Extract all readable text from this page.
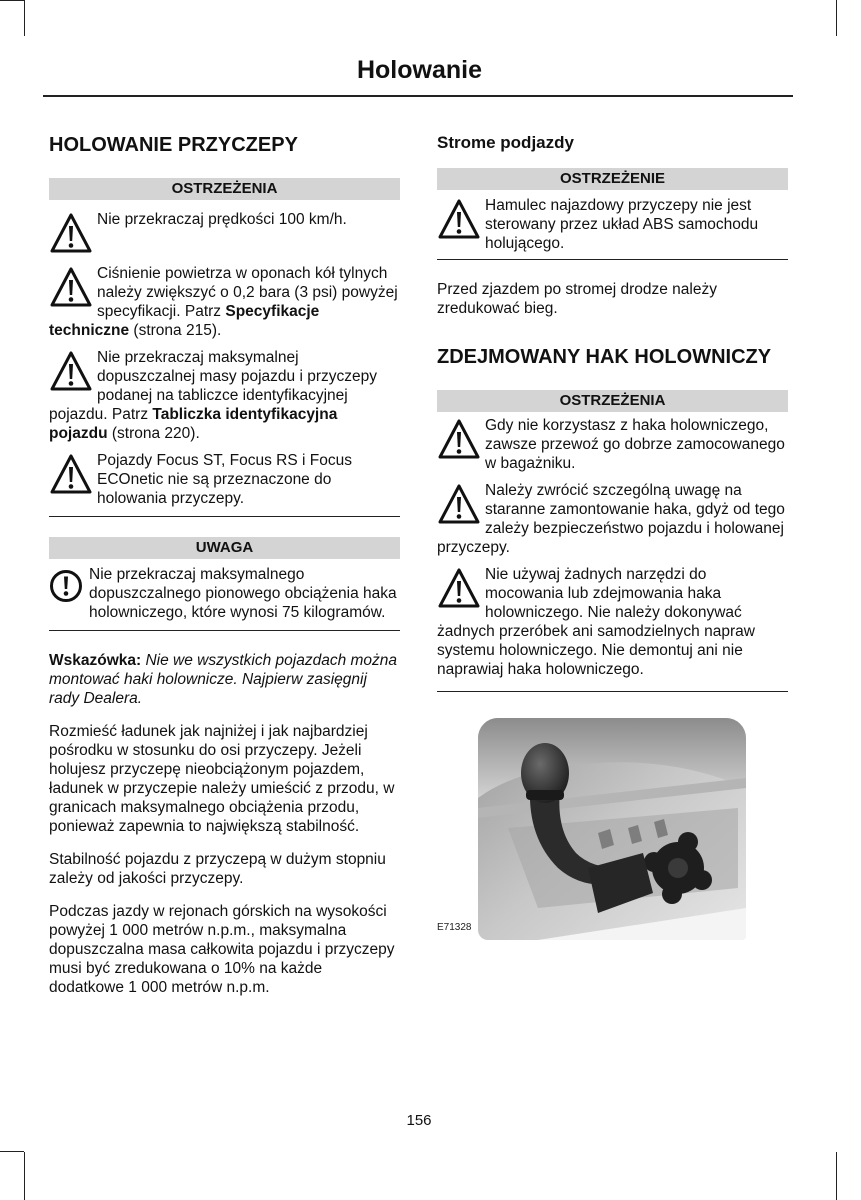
Holowanie
HOLOWANIE PRZYCZEPY
OSTRZEŻENIA

Nie przekraczaj prędkości 100 km/h.

Ciśnienie powietrza w oponach kół tylnych należy zwiększyć o 0,2 bara (3 psi) powyżej specyfikacji. Patrz Specyfikacje techniczne (strona 215).

Nie przekraczaj maksymalnej dopuszczalnej masy pojazdu i przyczepy podanej na tabliczce identyfikacyjnej pojazdu. Patrz Tabliczka identyfikacyjna pojazdu (strona 220).

Pojazdy Focus ST, Focus RS i Focus ECOnetic nie są przeznaczone do holowania przyczepy.

UWAGA

Nie przekraczaj maksymalnego dopuszczalnego pionowego obciążenia haka holowniczego, które wynosi 75 kilogramów.

Wskazówka: Nie we wszystkich pojazdach można montować haki holownicze. Najpierw zasięgnij rady Dealera.

Rozmieść ładunek jak najniżej i jak najbardziej pośrodku w stosunku do osi przyczepy. Jeżeli holujesz przyczepę nieobciążonym pojazdem, ładunek w przyczepie należy umieścić z przodu, w granicach maksymalnego obciążenia przodu, ponieważ zapewnia to największą stabilność.

Stabilność pojazdu z przyczepą w dużym stopniu zależy od jakości przyczepy.

Podczas jazdy w rejonach górskich na wysokości powyżej 1 000 metrów n.p.m., maksymalna dopuszczalna masa całkowita pojazdu i przyczepy musi być zredukowana o 10% na każde dodatkowe 1 000 metrów n.p.m.

Strome podjazdy
OSTRZEŻENIE

Hamulec najazdowy przyczepy nie jest sterowany przez układ ABS samochodu holującego.

Przed zjazdem po stromej drodze należy zredukować bieg.

ZDEJMOWANY HAK HOLOWNICZY
OSTRZEŻENIA

Gdy nie korzystasz z haka holowniczego, zawsze przewoź go dobrze zamocowanego w bagażniku.

Należy zwrócić szczególną uwagę na staranne zamontowanie haka, gdyż od tego zależy bezpieczeństwo pojazdu i holowanej przyczepy.

Nie używaj żadnych narzędzi do mocowania lub zdejmowania haka holowniczego. Nie należy dokonywać żadnych przeróbek ani samodzielnych napraw systemu holowniczego. Nie demontuj ani nie naprawiaj haka holowniczego.

E71328
156
